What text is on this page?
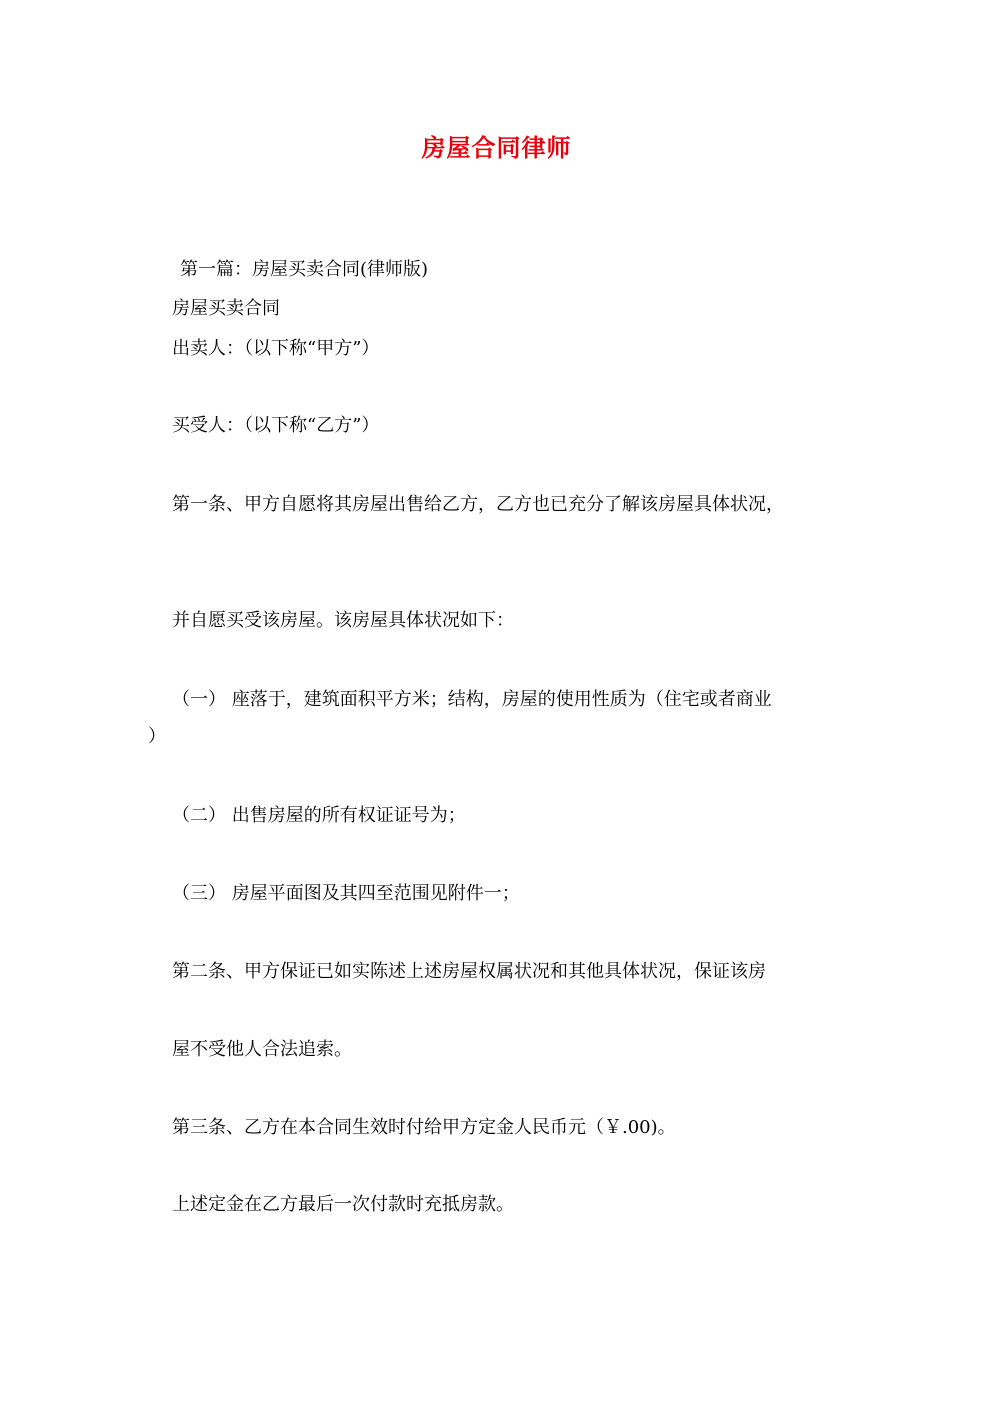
房屋合同律师
第一篇：房屋买卖合同(律师版)
房屋买卖合同
出卖人：（以下称“甲方”）
买受人：（以下称“乙方”）
第一条、甲方自愿将其房屋出售给乙方，乙方也已充分了解该房屋具体状况，
并自愿买受该房屋。该房屋具体状况如下：
（一） 座落于，建筑面积平方米；结构，房屋的使用性质为（住宅或者商业
）
（二） 出售房屋的所有权证证号为；
（三） 房屋平面图及其四至范围见附件一；
第二条、甲方保证已如实陈述上述房屋权属状况和其他具体状况，保证该房
屋不受他人合法追索。
第三条、乙方在本合同生效时付给甲方定金人民币元（￥.00)。
上述定金在乙方最后一次付款时充抵房款。
